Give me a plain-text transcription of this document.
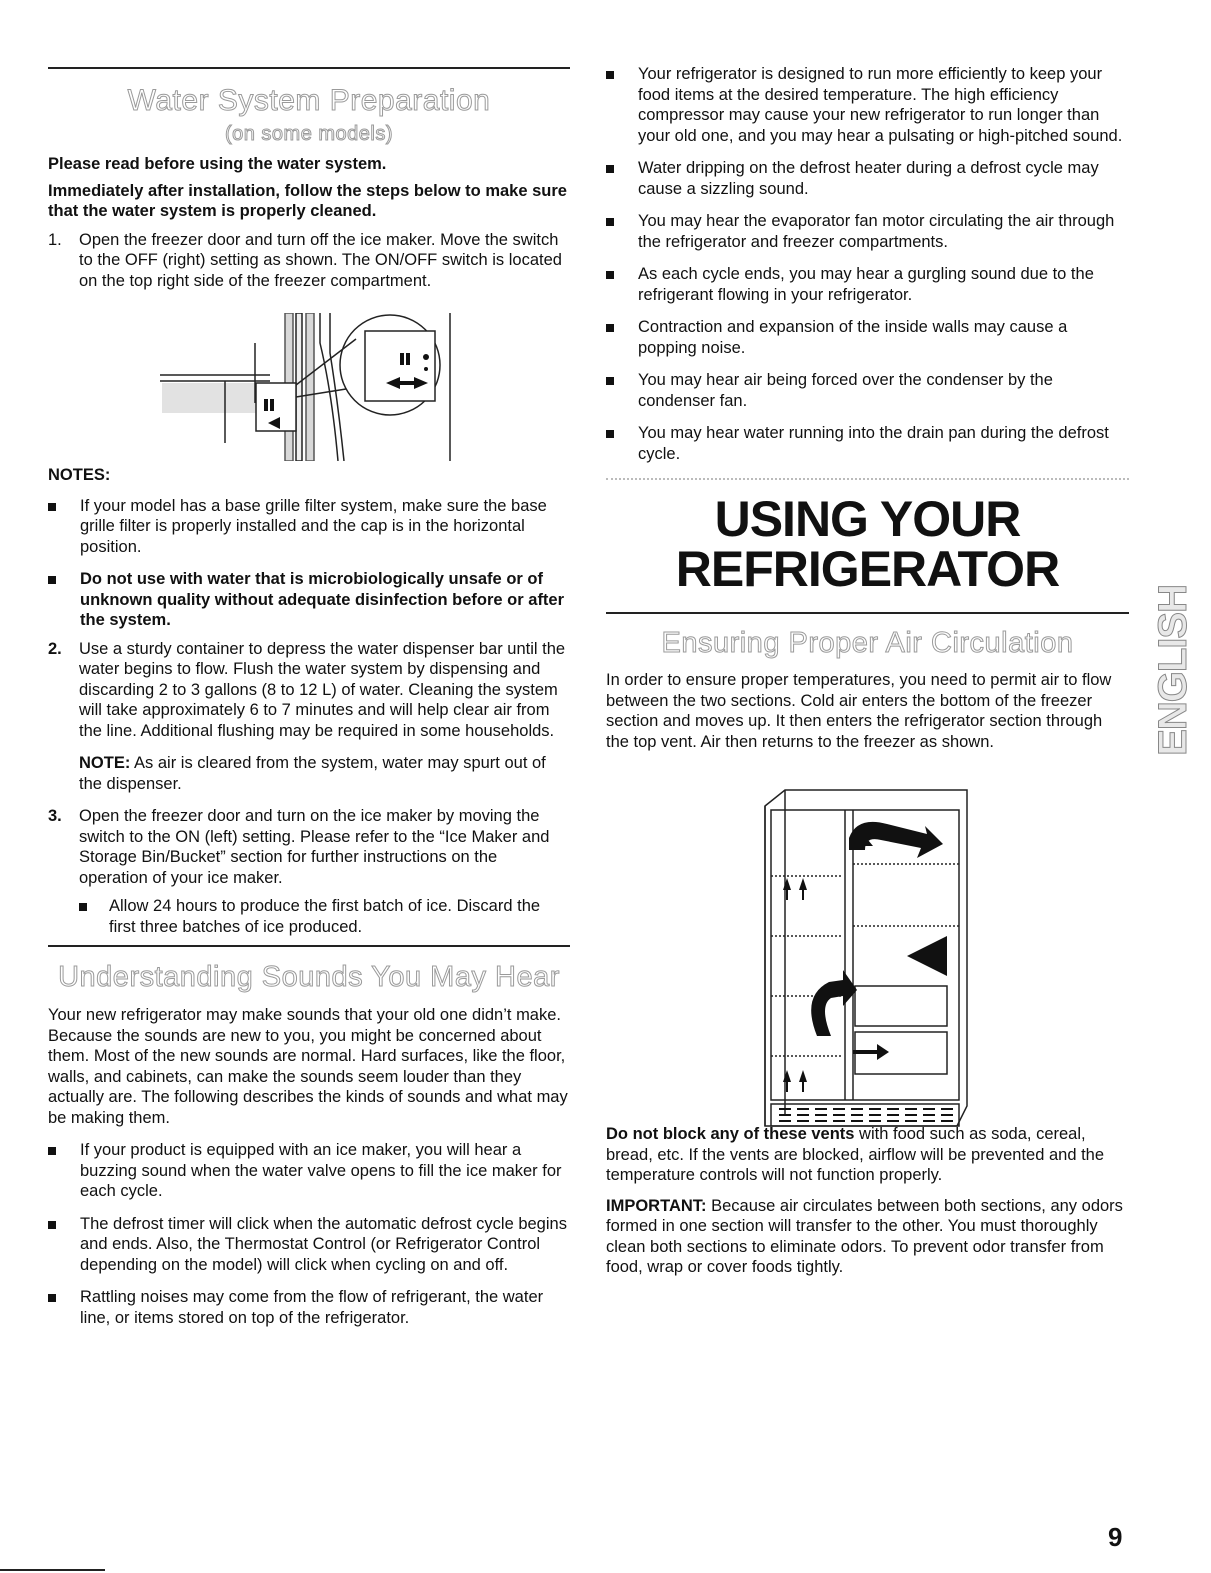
Water System Preparation
(on some models)

Please read before using the water system.

Immediately after installation, follow the steps below to make sure that the water system is properly cleaned.

1. Open the freezer door and turn off the ice maker. Move the switch to the OFF (right) setting as shown. The ON/OFF switch is located on the top right side of the freezer compartment.

NOTES:

If your model has a base grille filter system, make sure the base grille filter is properly installed and the cap is in the horizontal position.
Do not use with water that is microbiologically unsafe or of unknown quality without adequate disinfection before or after the system.
2. Use a sturdy container to depress the water dispenser bar until the water begins to flow. Flush the water system by dispensing and discarding 2 to 3 gallons (8 to 12 L) of water. Cleaning the system will take approximately 6 to 7 minutes and will help clear air from the line. Additional flushing may be required in some households.

NOTE: As air is cleared from the system, water may spurt out of the dispenser.

3. Open the freezer door and turn on the ice maker by moving the switch to the ON (left) setting. Please refer to the “Ice Maker and Storage Bin/Bucket” section for further instructions on the operation of your ice maker.
Allow 24 hours to produce the first batch of ice. Discard the first three batches of ice produced.
Understanding Sounds You May Hear

Your new refrigerator may make sounds that your old one didn’t make. Because the sounds are new to you, you might be concerned about them. Most of the new sounds are normal. Hard surfaces, like the floor, walls, and cabinets, can make the sounds seem louder than they actually are. The following describes the kinds of sounds and what may be making them.

If your product is equipped with an ice maker, you will hear a buzzing sound when the water valve opens to fill the ice maker for each cycle.
The defrost timer will click when the automatic defrost cycle begins and ends. Also, the Thermostat Control (or Refrigerator Control depending on the model) will click when cycling on and off.
Rattling noises may come from the flow of refrigerant, the water line, or items stored on top of the refrigerator.
Your refrigerator is designed to run more efficiently to keep your food items at the desired temperature. The high efficiency compressor may cause your new refrigerator to run longer than your old one, and you may hear a pulsating or high-pitched sound.
Water dripping on the defrost heater during a defrost cycle may cause a sizzling sound.
You may hear the evaporator fan motor circulating the air through the refrigerator and freezer compartments.
As each cycle ends, you may hear a gurgling sound due to the refrigerant flowing in your refrigerator.
Contraction and expansion of the inside walls may cause a popping noise.
You may hear air being forced over the condenser by the condenser fan.
You may hear water running into the drain pan during the defrost cycle.
USING YOUR
REFRIGERATOR
Ensuring Proper Air Circulation

In order to ensure proper temperatures, you need to permit air to flow between the two sections. Cold air enters the bottom of the freezer section and moves up. It then enters the refrigerator section through the top vent. Air then returns to the freezer as shown.

Do not block any of these vents with food such as soda, cereal, bread, etc. If the vents are blocked, airflow will be prevented and the temperature controls will not function properly.

IMPORTANT: Because air circulates between both sections, any odors formed in one section will transfer to the other. You must thoroughly clean both sections to eliminate odors. To prevent odor transfer from food, wrap or cover foods tightly.

ENGLISH
9
